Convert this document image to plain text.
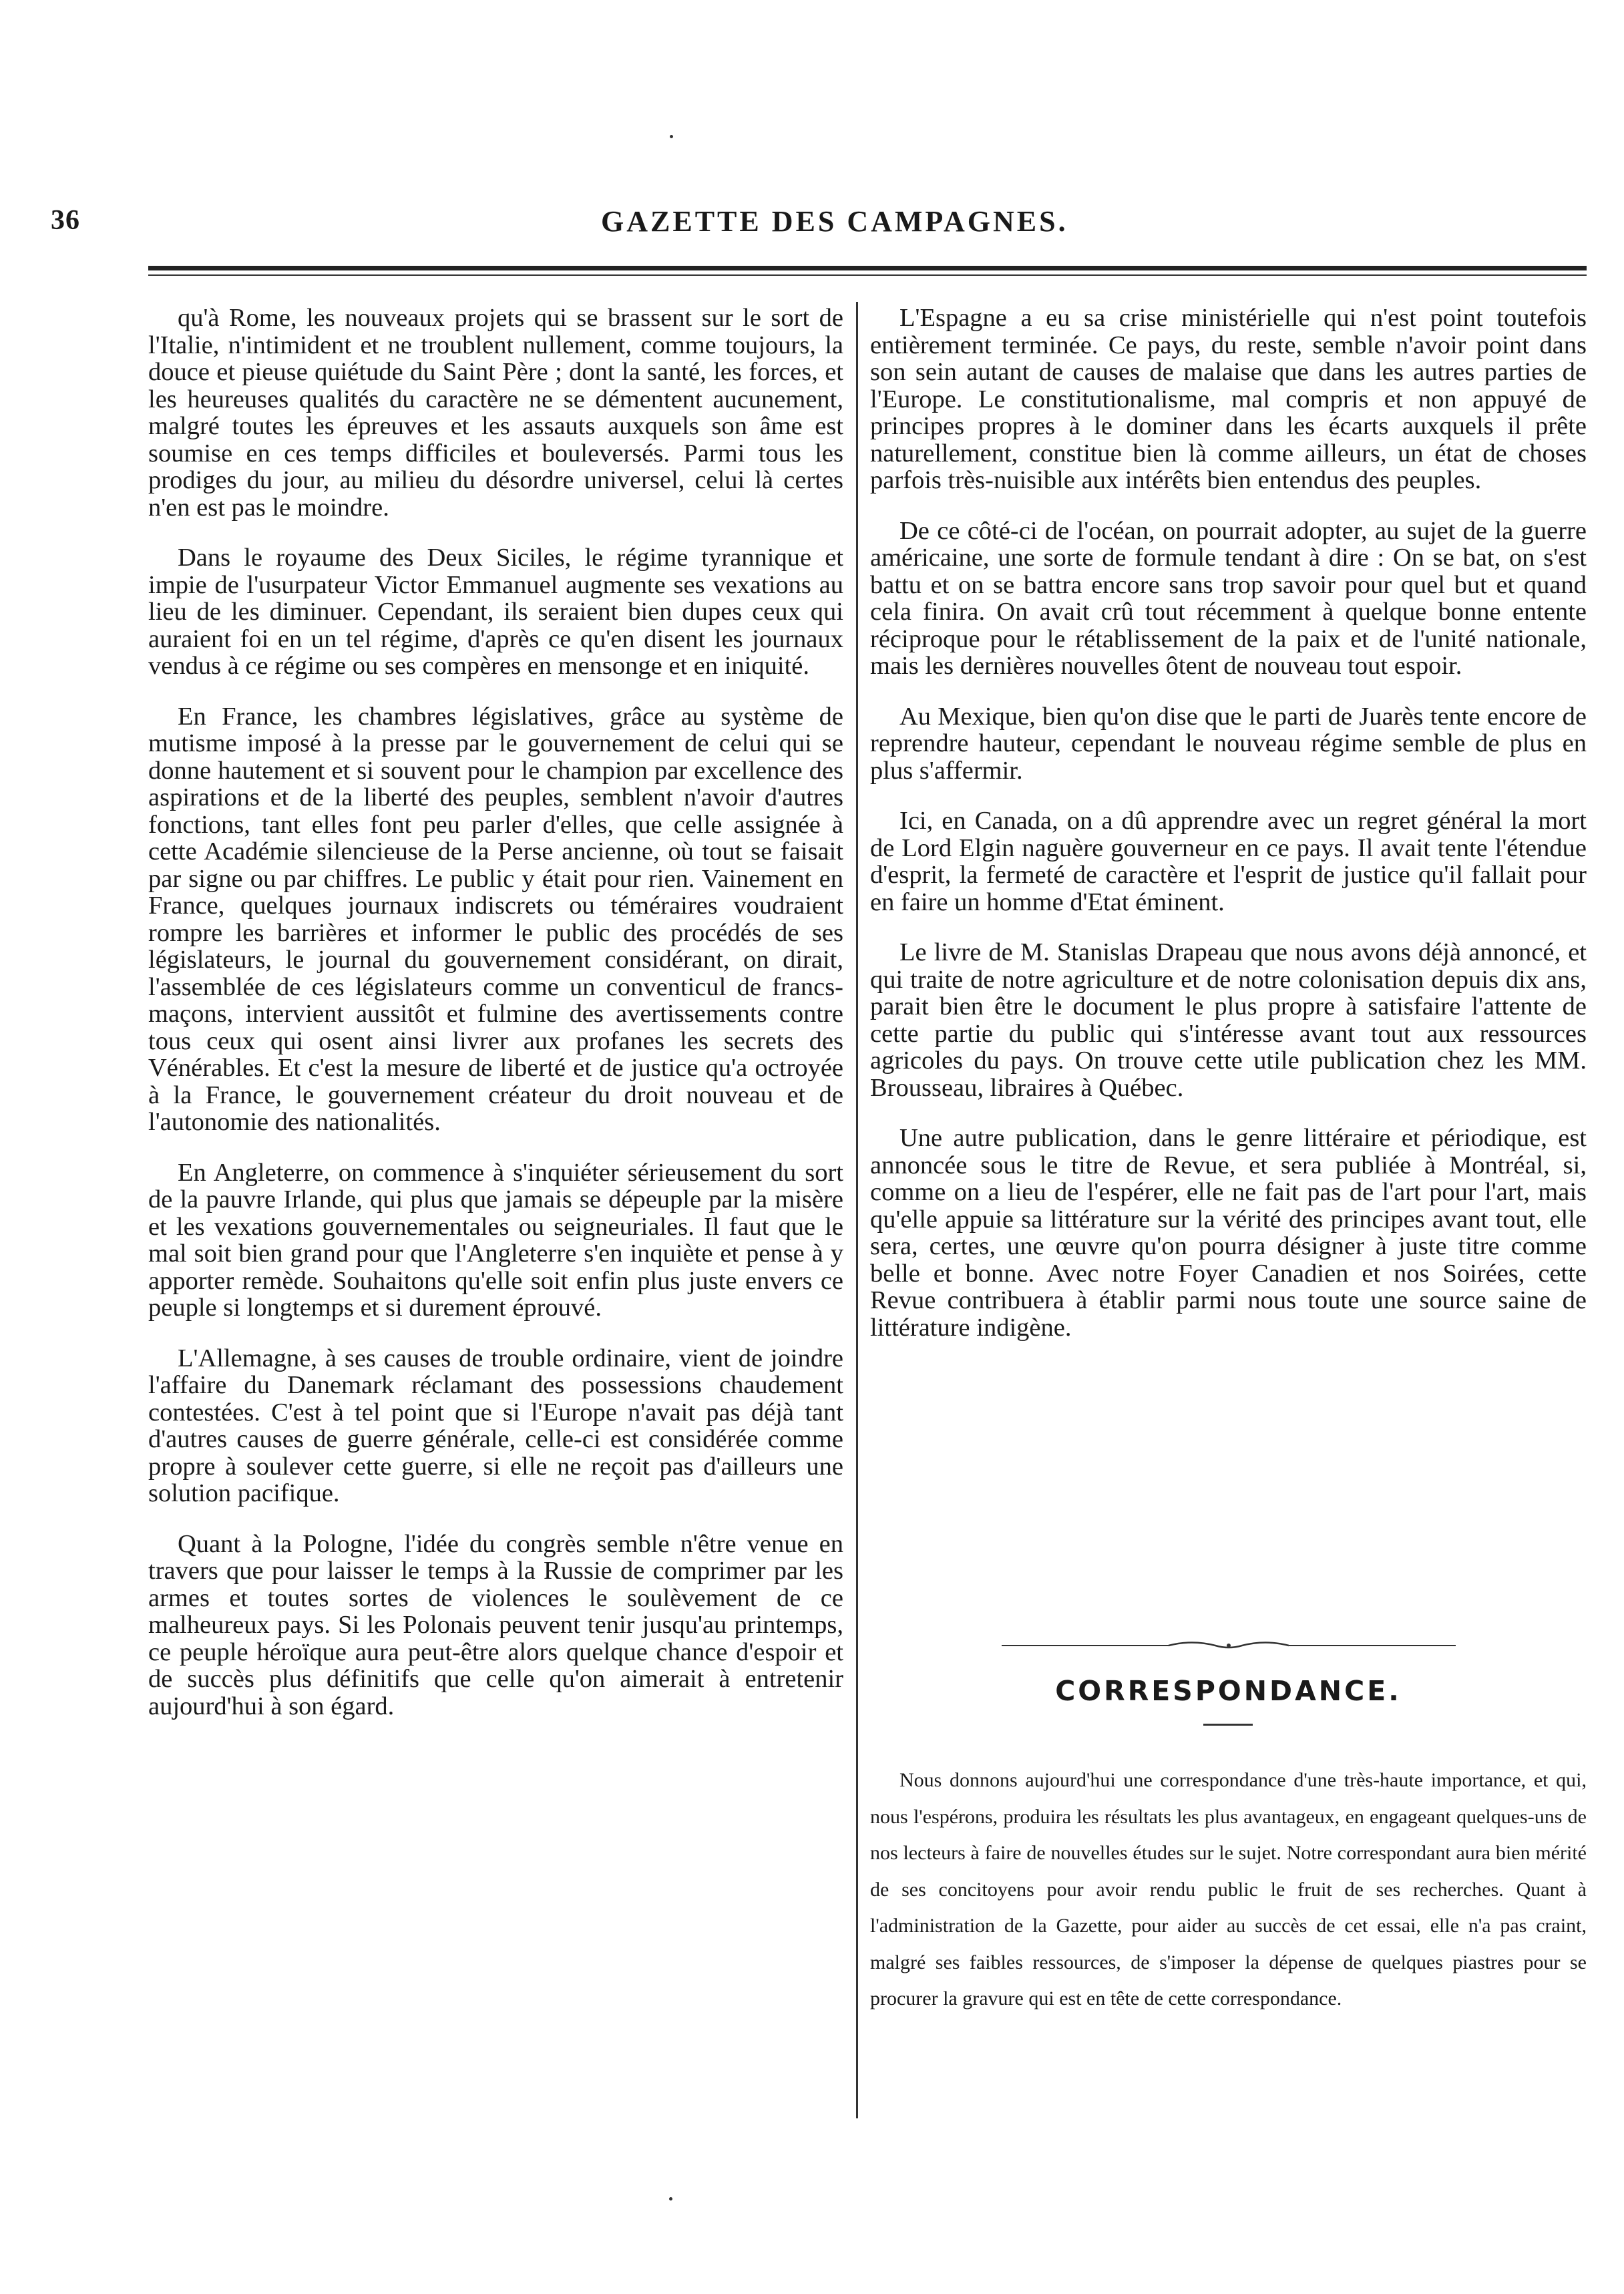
36	GAZETTE DES CAMPAGNES.

qu'à Rome, les nouveaux projets qui se brassent sur le sort de l'Italie, n'intimident et ne troublent nullement, comme toujours, la douce et pieuse quiétude du Saint Père ; dont la santé, les forces, et les heureuses qualités du caractère ne se démentent aucunement, malgré toutes les épreuves et les assauts auxquels son âme est soumise en ces temps difficiles et bouleversés. Parmi tous les prodiges du jour, au milieu du désordre universel, celui là certes n'en est pas le moindre.

Dans le royaume des Deux Siciles, le régime tyrannique et impie de l'usurpateur Victor Emmanuel augmente ses vexations au lieu de les diminuer. Cependant, ils seraient bien dupes ceux qui auraient foi en un tel régime, d'après ce qu'en disent les journaux vendus à ce régime ou ses compères en mensonge et en iniquité.

En France, les chambres législatives, grâce au système de mutisme imposé à la presse par le gouvernement de celui qui se donne hautement et si souvent pour le champion par excellence des aspirations et de la liberté des peuples, semblent n'avoir d'autres fonctions, tant elles font peu parler d'elles, que celle assignée à cette Académie silencieuse de la Perse ancienne, où tout se faisait par signe ou par chiffres. Le public y était pour rien. Vainement en France, quelques journaux indiscrets ou téméraires voudraient rompre les barrières et informer le public des procédés de ses législateurs, le journal du gouvernement considérant, on dirait, l'assemblée de ces législateurs comme un conventicul de francs-maçons, intervient aussitôt et fulmine des avertissements contre tous ceux qui osent ainsi livrer aux profanes les secrets des Vénérables. Et c'est la mesure de liberté et de justice qu'a octroyée à la France, le gouvernement créateur du droit nouveau et de l'autonomie des nationalités.

En Angleterre, on commence à s'inquiéter sérieusement du sort de la pauvre Irlande, qui plus que jamais se dépeuple par la misère et les vexations gouvernementales ou seigneuriales. Il faut que le mal soit bien grand pour que l'Angleterre s'en inquiète et pense à y apporter remède. Souhaitons qu'elle soit enfin plus juste envers ce peuple si longtemps et si durement éprouvé.

L'Allemagne, à ses causes de trouble ordinaire, vient de joindre l'affaire du Danemark réclamant des possessions chaudement contestées. C'est à tel point que si l'Europe n'avait pas déjà tant d'autres causes de guerre générale, celle-ci est considérée comme propre à soulever cette guerre, si elle ne reçoit pas d'ailleurs une solution pacifique.

Quant à la Pologne, l'idée du congrès semble n'être venue en travers que pour laisser le temps à la Russie de comprimer par les armes et toutes sortes de violences le soulèvement de ce malheureux pays. Si les Polonais peuvent tenir jusqu'au printemps, ce peuple héroïque aura peut-être alors quelque chance d'espoir et de succès plus définitifs que celle qu'on aimerait à entretenir aujourd'hui à son égard.

L'Espagne a eu sa crise ministérielle qui n'est point toutefois entièrement terminée. Ce pays, du reste, semble n'avoir point dans son sein autant de causes de malaise que dans les autres parties de l'Europe. Le constitutionalisme, mal compris et non appuyé de principes propres à le dominer dans les écarts auxquels il prête naturellement, constitue bien là comme ailleurs, un état de choses parfois très-nuisible aux intérêts bien entendus des peuples.

De ce côté-ci de l'océan, on pourrait adopter, au sujet de la guerre américaine, une sorte de formule tendant à dire : On se bat, on s'est battu et on se battra encore sans trop savoir pour quel but et quand cela finira. On avait crû tout récemment à quelque bonne entente réciproque pour le rétablissement de la paix et de l'unité nationale, mais les dernières nouvelles ôtent de nouveau tout espoir.

Au Mexique, bien qu'on dise que le parti de Juarès tente encore de reprendre hauteur, cependant le nouveau régime semble de plus en plus s'affermir.

Ici, en Canada, on a dû apprendre avec un regret général la mort de Lord Elgin naguère gouverneur en ce pays. Il avait tente l'étendue d'esprit, la fermeté de caractère et l'esprit de justice qu'il fallait pour en faire un homme d'Etat éminent.

Le livre de M. Stanislas Drapeau que nous avons déjà annoncé, et qui traite de notre agriculture et de notre colonisation depuis dix ans, parait bien être le document le plus propre à satisfaire l'attente de cette partie du public qui s'intéresse avant tout aux ressources agricoles du pays. On trouve cette utile publication chez les MM. Brousseau, libraires à Québec.

Une autre publication, dans le genre littéraire et périodique, est annoncée sous le titre de Revue, et sera publiée à Montréal, si, comme on a lieu de l'espérer, elle ne fait pas de l'art pour l'art, mais qu'elle appuie sa littérature sur la vérité des principes avant tout, elle sera, certes, une œuvre qu'on pourra désigner à juste titre comme belle et bonne. Avec notre Foyer Canadien et nos Soirées, cette Revue contribuera à établir parmi nous toute une source saine de littérature indigène.

CORRESPONDANCE.

Nous donnons aujourd'hui une correspondance d'une très-haute importance, et qui, nous l'espérons, produira les résultats les plus avantageux, en engageant quelques-uns de nos lecteurs à faire de nouvelles études sur le sujet. Notre correspondant aura bien mérité de ses concitoyens pour avoir rendu public le fruit de ses recherches. Quant à l'administration de la Gazette, pour aider au succès de cet essai, elle n'a pas craint, malgré ses faibles ressources, de s'imposer la dépense de quelques piastres pour se procurer la gravure qui est en tête de cette correspondance.
